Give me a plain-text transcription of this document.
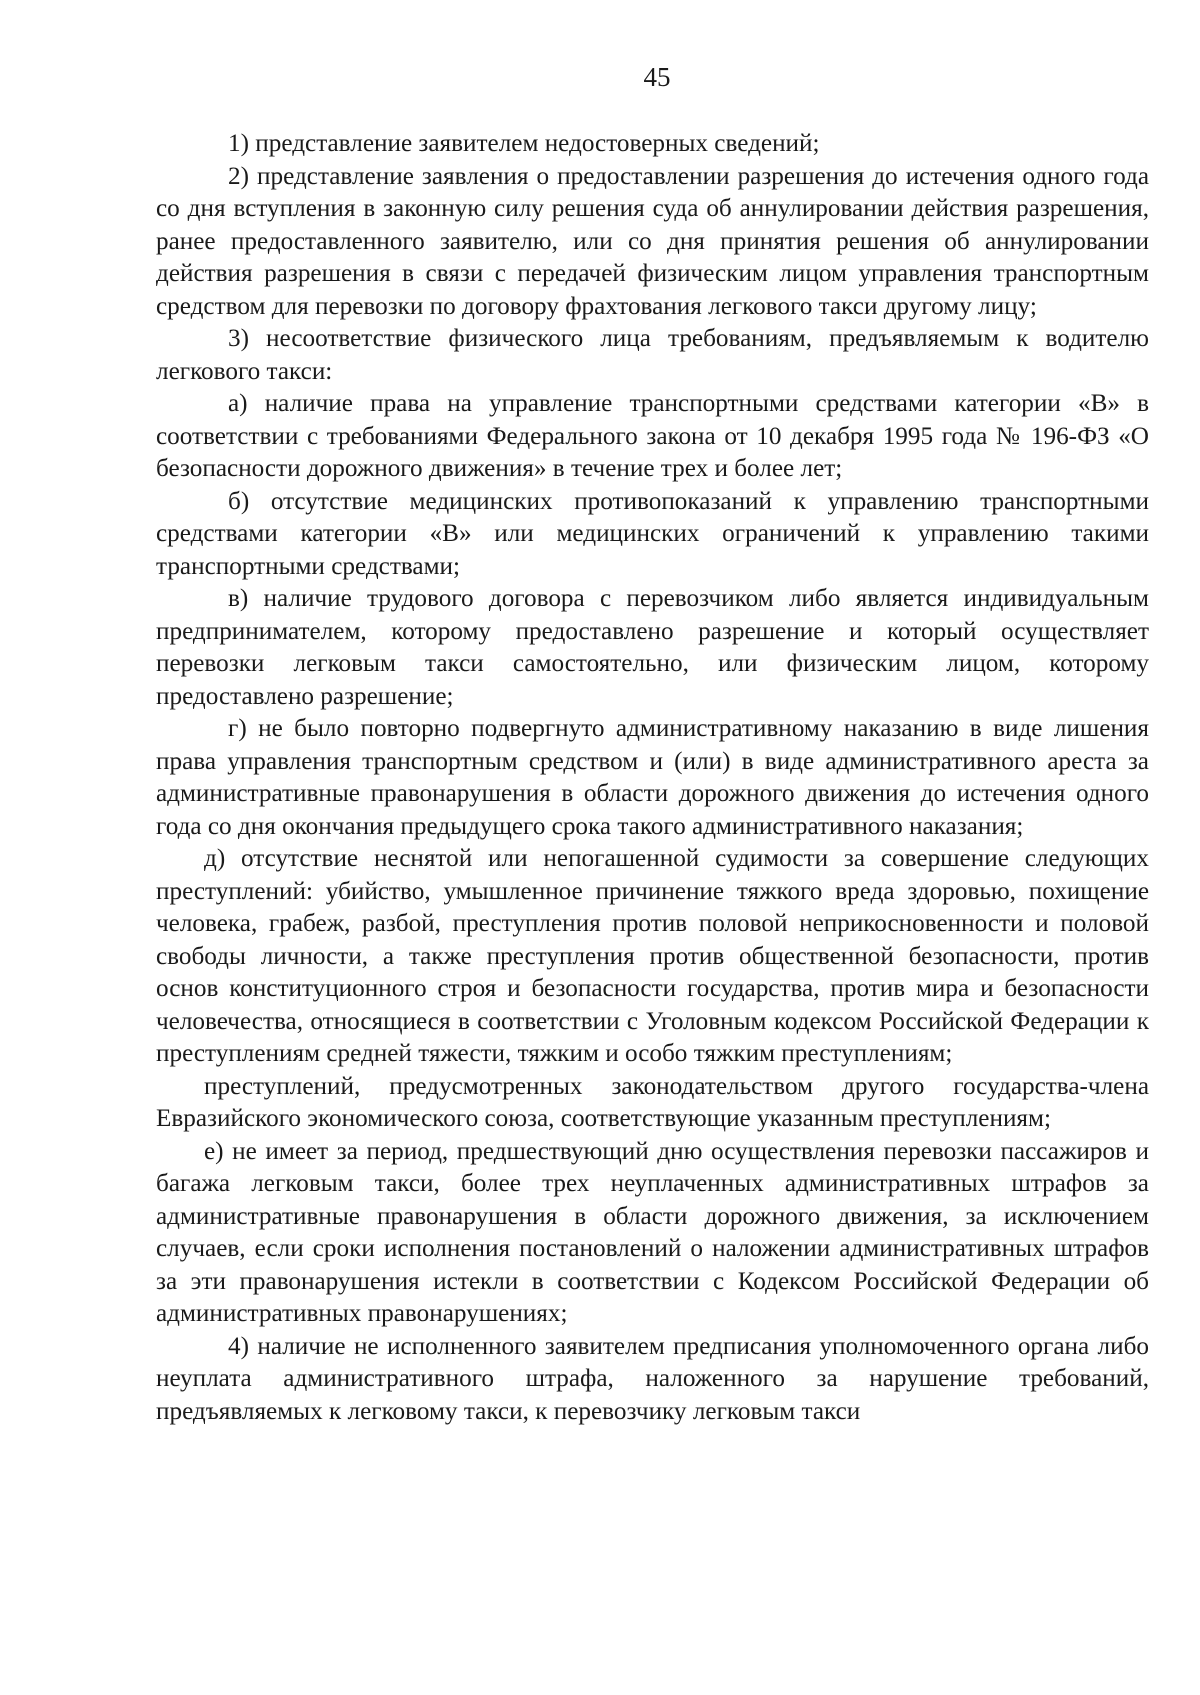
45

1) представление заявителем недостоверных сведений;

2) представление заявления о предоставлении разрешения до истечения одного года со дня вступления в законную силу решения суда об аннулировании действия разрешения, ранее предоставленного заявителю, или со дня принятия решения об аннулировании действия разрешения в связи с передачей физическим лицом управления транспортным средством для перевозки по договору фрахтования легкового такси другому лицу;

3) несоответствие физического лица требованиям, предъявляемым к водителю легкового такси:

а) наличие права на управление транспортными средствами категории «В» в соответствии с требованиями Федерального закона от 10 декабря 1995 года № 196-ФЗ «О безопасности дорожного движения» в течение трех и более лет;

б) отсутствие медицинских противопоказаний к управлению транспортными средствами категории «В» или медицинских ограничений к управлению такими транспортными средствами;

в) наличие трудового договора с перевозчиком либо является индивидуальным предпринимателем, которому предоставлено разрешение и который осуществляет перевозки легковым такси самостоятельно, или физическим лицом, которому предоставлено разрешение;

г) не было повторно подвергнуто административному наказанию в виде лишения права управления транспортным средством и (или) в виде административного ареста за административные правонарушения в области дорожного движения до истечения одного года со дня окончания предыдущего срока такого административного наказания;

д) отсутствие неснятой или непогашенной судимости за совершение следующих преступлений: убийство, умышленное причинение тяжкого вреда здоровью, похищение человека, грабеж, разбой, преступления против половой неприкосновенности и половой свободы личности, а также преступления против общественной безопасности, против основ конституционного строя и безопасности государства, против мира и безопасности человечества, относящиеся в соответствии с Уголовным кодексом Российской Федерации к преступлениям средней тяжести, тяжким и особо тяжким преступлениям;

преступлений, предусмотренных законодательством другого государства-члена Евразийского экономического союза, соответствующие указанным преступлениям;

е) не имеет за период, предшествующий дню осуществления перевозки пассажиров и багажа легковым такси, более трех неуплаченных административных штрафов за административные правонарушения в области дорожного движения, за исключением случаев, если сроки исполнения постановлений о наложении административных штрафов за эти правонарушения истекли в соответствии с Кодексом Российской Федерации об административных правонарушениях;

4) наличие не исполненного заявителем предписания уполномоченного органа либо неуплата административного штрафа, наложенного за нарушение требований, предъявляемых к легковому такси, к перевозчику легковым такси
